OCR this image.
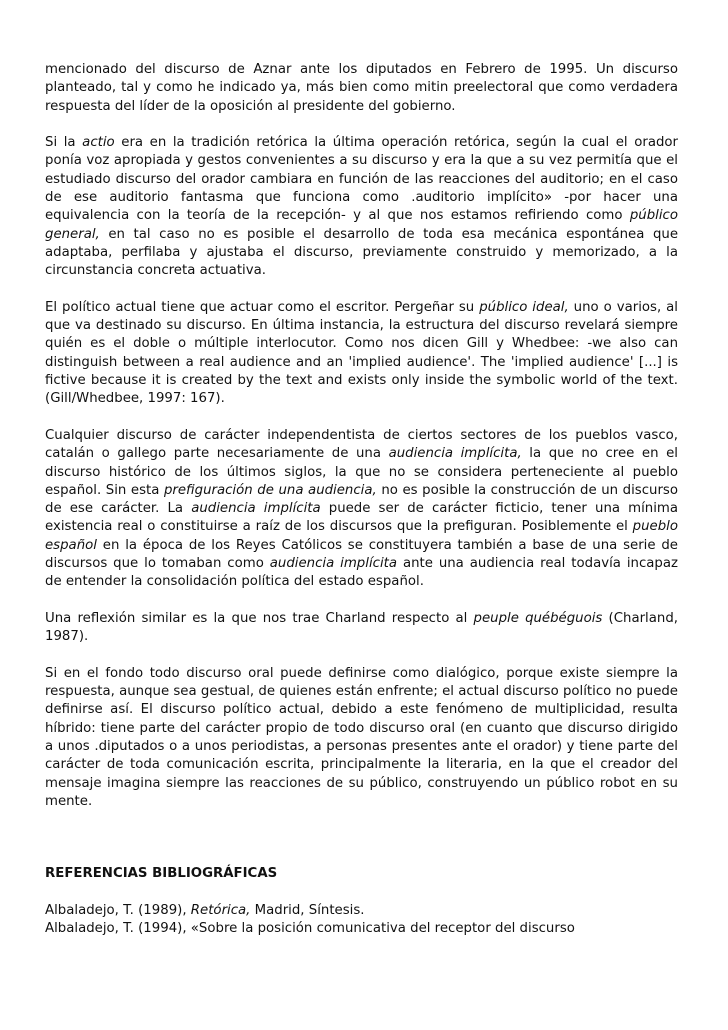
mencionado del discurso de Aznar ante los diputados en Febrero de 1995. Un discurso planteado, tal y como he indicado ya, más bien como mitin preelectoral que como verdadera respuesta del líder de la oposición al presidente del gobierno.

Si la actio era en la tradición retórica la última operación retórica, según la cual el orador ponía voz apropiada y gestos convenientes a su discurso y era la que a su vez permitía que el estudiado discurso del orador cambiara en función de las reacciones del auditorio; en el caso de ese auditorio fantasma que funciona como .auditorio implícito» -por hacer una equivalencia con la teoría de la recepción- y al que nos estamos refiriendo como público general, en tal caso no es posible el desarrollo de toda esa mecánica espontánea que adaptaba, perfilaba y ajustaba el discurso, previamente construido y memorizado, a la circunstancia concreta actuativa.

El político actual tiene que actuar como el escritor. Pergeñar su público ideal, uno o varios, al que va destinado su discurso. En última instancia, la estructura del discurso revelará siempre quién es el doble o múltiple interlocutor. Como nos dicen Gill y Whedbee: -we also can distinguish between a real audience and an 'implied audience'. The 'implied audience' [...] is fictive because it is created by the text and exists only inside the symbolic world of the text. (Gill/Whedbee, 1997: 167).

Cualquier discurso de carácter independentista de ciertos sectores de los pueblos vasco, catalán o gallego parte necesariamente de una audiencia implícita, la que no cree en el discurso histórico de los últimos siglos, la que no se considera perteneciente al pueblo español. Sin esta prefiguración de una audiencia, no es posible la construcción de un discurso de ese carácter. La audiencia implícita puede ser de carácter ficticio, tener una mínima existencia real o constituirse a raíz de los discursos que la prefiguran. Posiblemente el pueblo español en la época de los Reyes Católicos se constituyera también a base de una serie de discursos que lo tomaban como audiencia implícita ante una audiencia real todavía incapaz de entender la consolidación política del estado español.

Una reflexión similar es la que nos trae Charland respecto al peuple québéguois (Charland, 1987).

Si en el fondo todo discurso oral puede definirse como dialógico, porque existe siempre la respuesta, aunque sea gestual, de quienes están enfrente; el actual discurso político no puede definirse así. El discurso político actual, debido a este fenómeno de multiplicidad, resulta híbrido: tiene parte del carácter propio de todo discurso oral (en cuanto que discurso dirigido a unos .diputados o a unos periodistas, a personas presentes ante el orador) y tiene parte del carácter de toda comunicación escrita, principalmente la literaria, en la que el creador del mensaje imagina siempre las reacciones de su público, construyendo un público robot en su mente.

REFERENCIAS BIBLIOGRÁFICAS

Albaladejo, T. (1989), Retórica, Madrid, Síntesis.

Albaladejo, T. (1994), «Sobre la posición comunicativa del receptor del discurso
